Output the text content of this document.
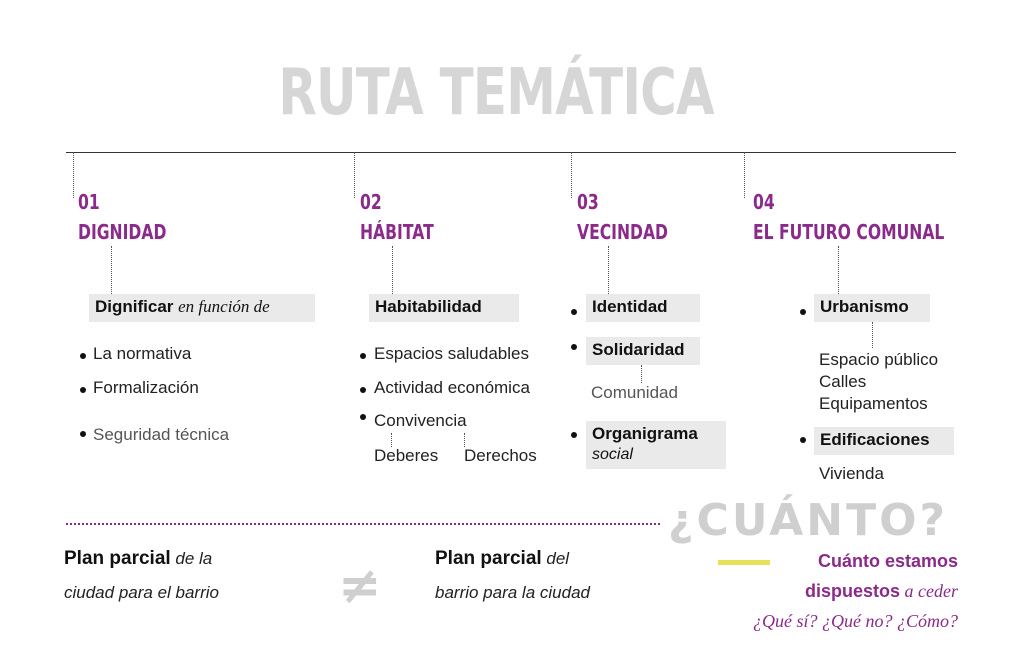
RUTA TEMÁTICA
01
DIGNIDAD
Dignificar en función de
La normativa
Formalización
Seguridad técnica
02
HÁBITAT
Habitabilidad
Espacios saludables
Actividad económica
Convivencia
Deberes Derechos
03
VECINDAD
Identidad
Solidaridad
Comunidad
Organigrama
social
04
EL FUTURO COMUNAL
Urbanismo
Espacio público
Calles
Equipamentos
Edificaciones
Vivienda
Plan parcial de la
ciudad para el barrio ≠	Plan parcial del
barrio para la ciudad
¿CUÁNTO?
Cuánto estamos
dispuestos a ceder
¿Qué sí? ¿Qué no? ¿Cómo?
